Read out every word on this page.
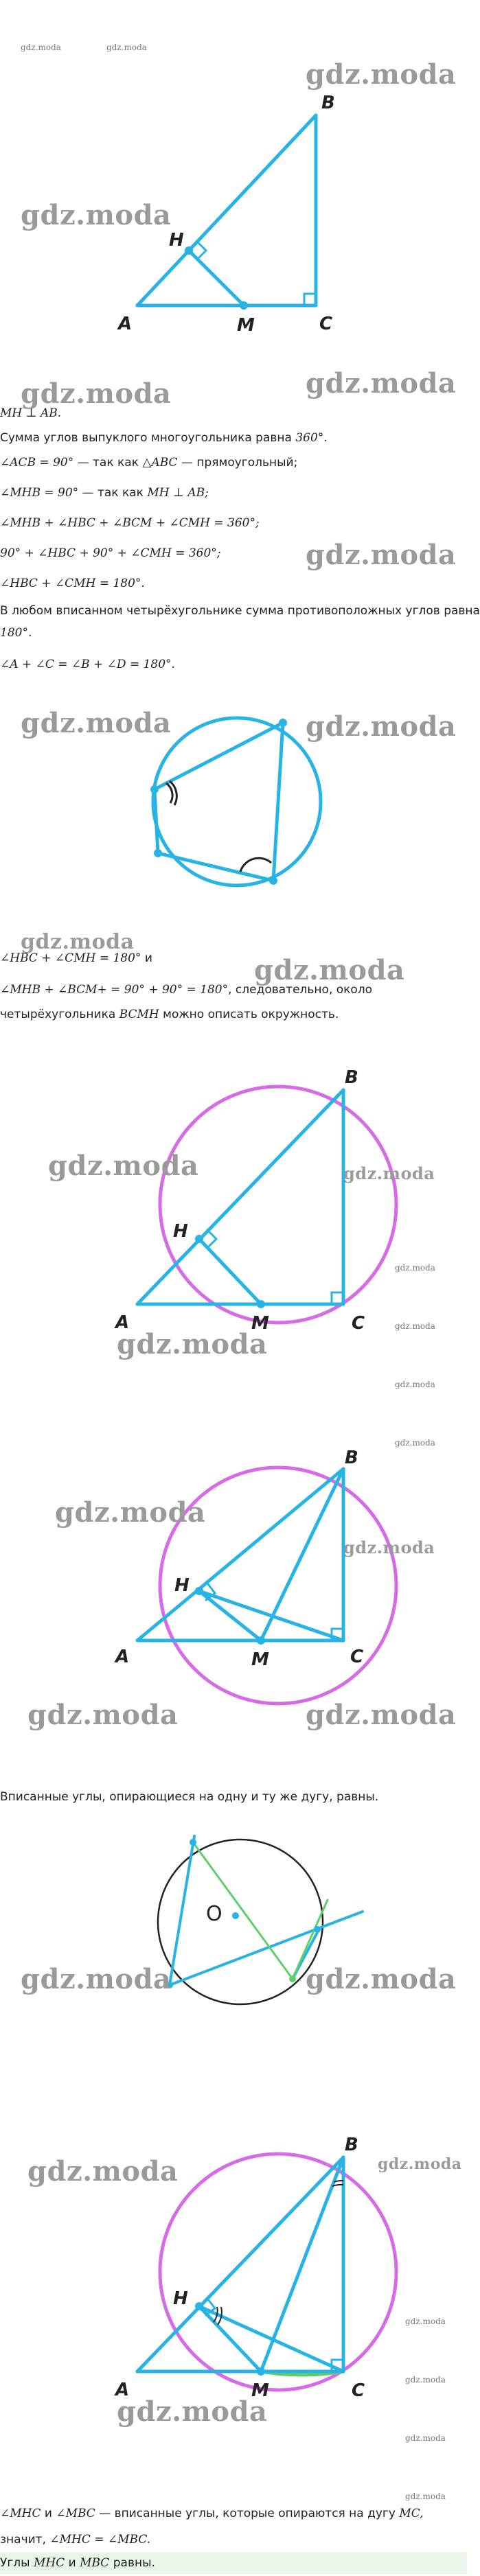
gdz.moda	gdz.moda
B
H
A	M	C
gdz.moda
gdz.moda
gdz.moda	gdz.moda
MH ⊥ AB.
Сумма углов выпуклого многоугольника равна 360°.
∠ACB = 90° — так как △ABC — прямоугольный;
∠MHB = 90° — так как MH ⊥ AB;
∠MHB + ∠HBC + ∠BCM + ∠CMH = 360°;
90° + ∠HBC + 90° + ∠CMH = 360°;
∠HBC + ∠CMH = 180°.
gdz.moda
В любом вписанном четырёхугольнике сумма противоположных углов равна
180°.
∠A + ∠C = ∠B + ∠D = 180°.
gdz.moda	gdz.moda
gdz.moda
∠HBC + ∠CMH = 180° и	gdz.moda
∠MHB + ∠BCM+ = 90° + 90° = 180°, следовательно, около
четырёхугольника BCMH можно описать окружность.
B
H
A	M	C
gdz.moda	gdz.moda
gdz.moda
gdz.moda
gdz.moda
gdz.moda
gdz.moda
B
H
A	M	C
gdz.moda
gdz.moda
gdz.moda	gdz.moda
Вписанные углы, опирающиеся на одну и ту же дугу, равны.
O
gdz.moda	gdz.moda
B
H
A	M	C
gdz.moda	gdz.moda
gdz.moda
gdz.moda
gdz.moda
gdz.moda
gdz.moda
∠MHC и ∠MBC — вписанные углы, которые опираются на дугу MC,
значит, ∠MHC = ∠MBC.
Углы MHC и MBC равны.
